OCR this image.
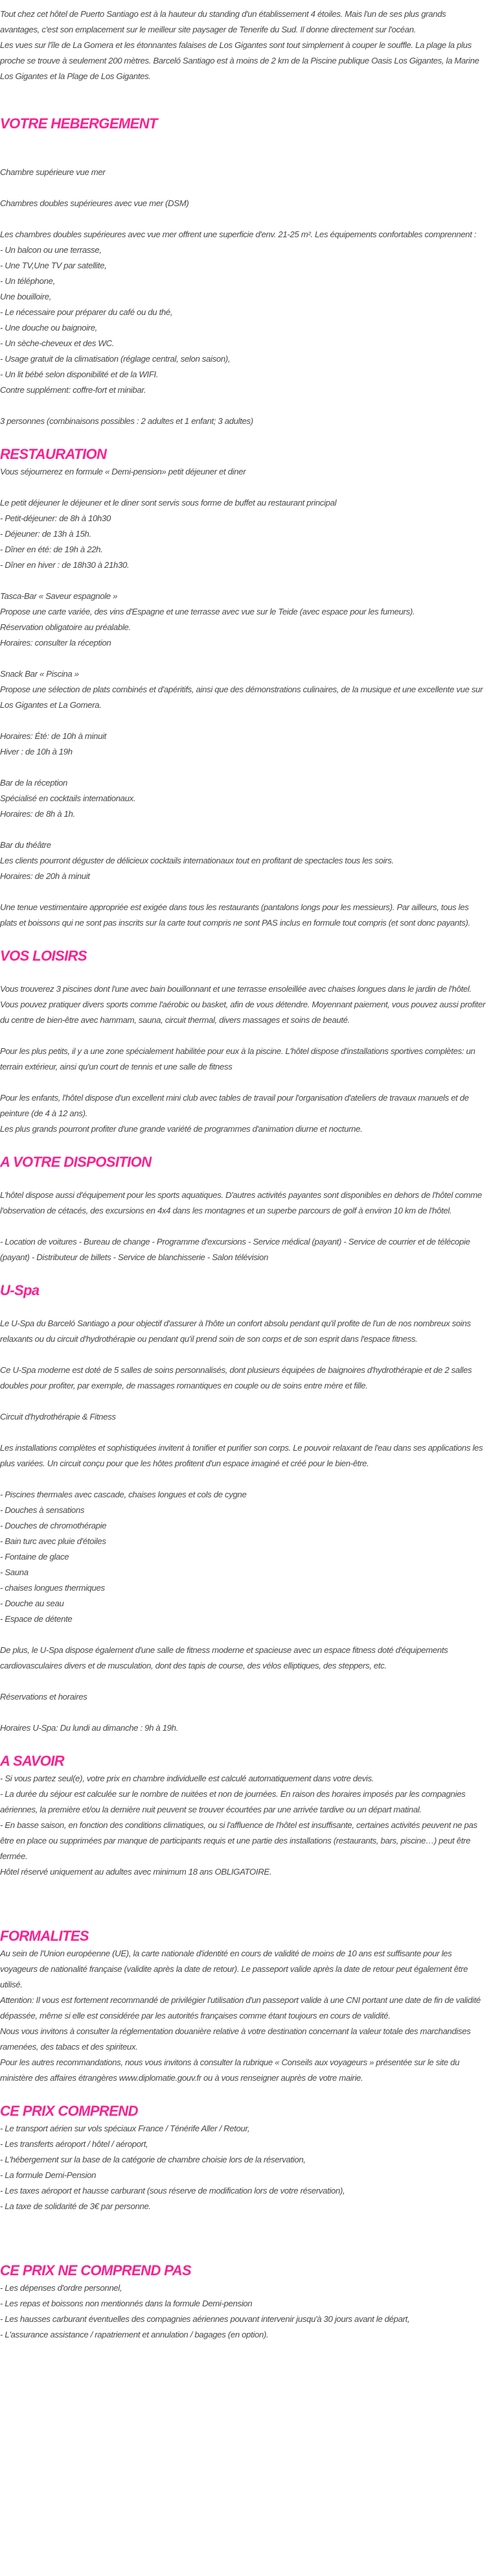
Tout chez cet hôtel de Puerto Santiago est à la hauteur du standing d'un établissement 4 étoiles. Mais l'un de ses plus grands avantages, c'est son emplacement sur le meilleur site paysager de Tenerife du Sud. Il donne directement sur l'océan.

Les vues sur l'île de La Gomera et les étonnantes falaises de Los Gigantes sont tout simplement à couper le souffle. La plage la plus proche se trouve à seulement 200 mètres. Barceló Santiago est à moins de 2 km de la Piscine publique Oasis Los Gigantes, la Marine Los Gigantes et la Plage de Los Gigantes.

VOTRE HEBERGEMENT

Chambre supérieure vue mer

Chambres doubles supérieures avec vue mer (DSM)

Les chambres doubles supérieures avec vue mer offrent une superficie d'env. 21-25 m². Les équipements confortables comprennent :

- Un balcon ou une terrasse,

- Une TV,Une TV par satellite,

- Un téléphone,

Une bouilloire,

- Le nécessaire pour préparer du café ou du thé,

- Une douche ou baignoire,

- Un sèche-cheveux et des WC.

- Usage gratuit de la climatisation (réglage central, selon saison),

- Un lit bébé selon disponibilité et de la WIFI.

Contre supplément: coffre-fort et minibar.

3 personnes (combinaisons possibles : 2 adultes et 1 enfant; 3 adultes)

RESTAURATION

Vous séjournerez en formule « Demi-pension» petit déjeuner et diner

Le petit déjeuner le déjeuner et le diner sont servis sous forme de buffet au restaurant principal

- Petit-déjeuner: de 8h à 10h30

- Déjeuner: de 13h à 15h.

- Dîner en été: de 19h à 22h.

- Dîner en hiver : de 18h30 à 21h30.

Tasca-Bar « Saveur espagnole »

Propose une carte variée, des vins d'Espagne et une terrasse avec vue sur le Teide (avec espace pour les fumeurs).

Réservation obligatoire au préalable.

Horaires: consulter la réception

Snack Bar « Piscina »

Propose une sélection de plats combinés et d'apéritifs, ainsi que des démonstrations culinaires, de la musique et une excellente vue sur Los Gigantes et La Gomera.

Horaires: Été: de 10h à minuit

Hiver : de 10h à 19h

Bar de la réception

Spécialisé en cocktails internationaux.

Horaires: de 8h à 1h.

Bar du théâtre

Les clients pourront déguster de délicieux cocktails internationaux tout en profitant de spectacles tous les soirs.

Horaires: de 20h à minuit

Une tenue vestimentaire appropriée est exigée dans tous les restaurants (pantalons longs pour les messieurs). Par ailleurs, tous les plats et boissons qui ne sont pas inscrits sur la carte tout compris ne sont PAS inclus en formule tout compris (et sont donc payants).

VOS LOISIRS

Vous trouverez 3 piscines dont l'une avec bain bouillonnant et une terrasse ensoleillée avec chaises longues dans le jardin de l'hôtel. Vous pouvez pratiquer divers sports comme l'aérobic ou basket, afin de vous détendre. Moyennant paiement, vous pouvez aussi profiter du centre de bien-être avec hammam, sauna, circuit thermal, divers massages et soins de beauté.

Pour les plus petits, il y a une zone spécialement habilitée pour eux à la piscine. L'hôtel dispose d'installations sportives complètes: un terrain extérieur, ainsi qu'un court de tennis et une salle de fitness

Pour les enfants, l'hôtel dispose d'un excellent mini club avec tables de travail pour l'organisation d'ateliers de travaux manuels et de peinture (de 4 à 12 ans).

Les plus grands pourront profiter d'une grande variété de programmes d'animation diurne et nocturne.

A VOTRE DISPOSITION

L'hôtel dispose aussi d'équipement pour les sports aquatiques. D'autres activités payantes sont disponibles en dehors de l'hôtel comme l'observation de cétacés, des excursions en 4x4 dans les montagnes et un superbe parcours de golf à environ 10 km de l'hôtel.

- Location de voitures - Bureau de change - Programme d'excursions - Service médical (payant) - Service de courrier et de télécopie (payant) - Distributeur de billets - Service de blanchisserie - Salon télévision

U-Spa

Le U-Spa du Barceló Santiago a pour objectif d'assurer à l'hôte un confort absolu pendant qu'il profite de l'un de nos nombreux soins relaxants ou du circuit d'hydrothérapie ou pendant qu'il prend soin de son corps et de son esprit dans l'espace fitness.

Ce U-Spa moderne est doté de 5 salles de soins personnalisés, dont plusieurs équipées de baignoires d'hydrothérapie et de 2 salles doubles pour profiter, par exemple, de massages romantiques en couple ou de soins entre mère et fille.

Circuit d'hydrothérapie & Fitness

Les installations complètes et sophistiquées invitent à tonifier et purifier son corps. Le pouvoir relaxant de l'eau dans ses applications les plus variées. Un circuit conçu pour que les hôtes profitent d'un espace imaginé et créé pour le bien-être.

- Piscines thermales avec cascade, chaises longues et cols de cygne

- Douches à sensations

- Douches de chromothérapie

- Bain turc avec pluie d'étoiles

- Fontaine de glace

- Sauna

- chaises longues thermiques

- Douche au seau

- Espace de détente

De plus, le U-Spa dispose également d'une salle de fitness moderne et spacieuse avec un espace fitness doté d'équipements cardiovasculaires divers et de musculation, dont des tapis de course, des vélos elliptiques, des steppers, etc.

Réservations et horaires

Horaires U-Spa: Du lundi au dimanche : 9h à 19h.

A SAVOIR

- Si vous partez seul(e), votre prix en chambre individuelle est calculé automatiquement dans votre devis.

- La durée du séjour est calculée sur le nombre de nuitées et non de journées. En raison des horaires imposés par les compagnies aériennes, la première et/ou la dernière nuit peuvent se trouver écourtées par une arrivée tardive ou un départ matinal.

- En basse saison, en fonction des conditions climatiques, ou si l'affluence de l'hôtel est insuffisante, certaines activités peuvent ne pas être en place ou supprimées par manque de participants requis et une partie des installations (restaurants, bars, piscine…) peut être fermée.

Hôtel réservé uniquement au adultes avec minimum 18 ans OBLIGATOIRE.

FORMALITES

Au sein de l'Union européenne (UE), la carte nationale d'identité en cours de validité de moins de 10 ans est suffisante pour les voyageurs de nationalité française (validite après la date de retour). Le passeport valide après la date de retour peut également être utilisé.

Attention: Il vous est fortement recommandé de privilégier l'utilisation d'un passeport valide à une CNI portant une date de fin de validité dépassée, même si elle est considérée par les autorités françaises comme étant toujours en cours de validité.

Nous vous invitons à consulter la réglementation douanière relative à votre destination concernant la valeur totale des marchandises ramenées, des tabacs et des spiriteux.

Pour les autres recommandations, nous vous invitons à consulter la rubrique « Conseils aux voyageurs » présentée sur le site du ministère des affaires étrangères www.diplomatie.gouv.fr ou à vous renseigner auprès de votre mairie.

CE PRIX COMPREND

- Le transport aérien sur vols spéciaux France / Ténérife Aller / Retour,

- Les transferts aéroport / hôtel / aéroport,

- L'hébergement sur la base de la catégorie de chambre choisie lors de la réservation,

- La formule Demi-Pension

- Les taxes aéroport et hausse carburant (sous réserve de modification lors de votre réservation),

- La taxe de solidarité de 3€ par personne.

CE PRIX NE COMPREND PAS

- Les dépenses d'ordre personnel,

- Les repas et boissons non mentionnés dans la formule Demi-pension

- Les hausses carburant éventuelles des compagnies aériennes pouvant intervenir jusqu'à 30 jours avant le départ,

- L'assurance assistance / rapatriement et annulation / bagages (en option).
